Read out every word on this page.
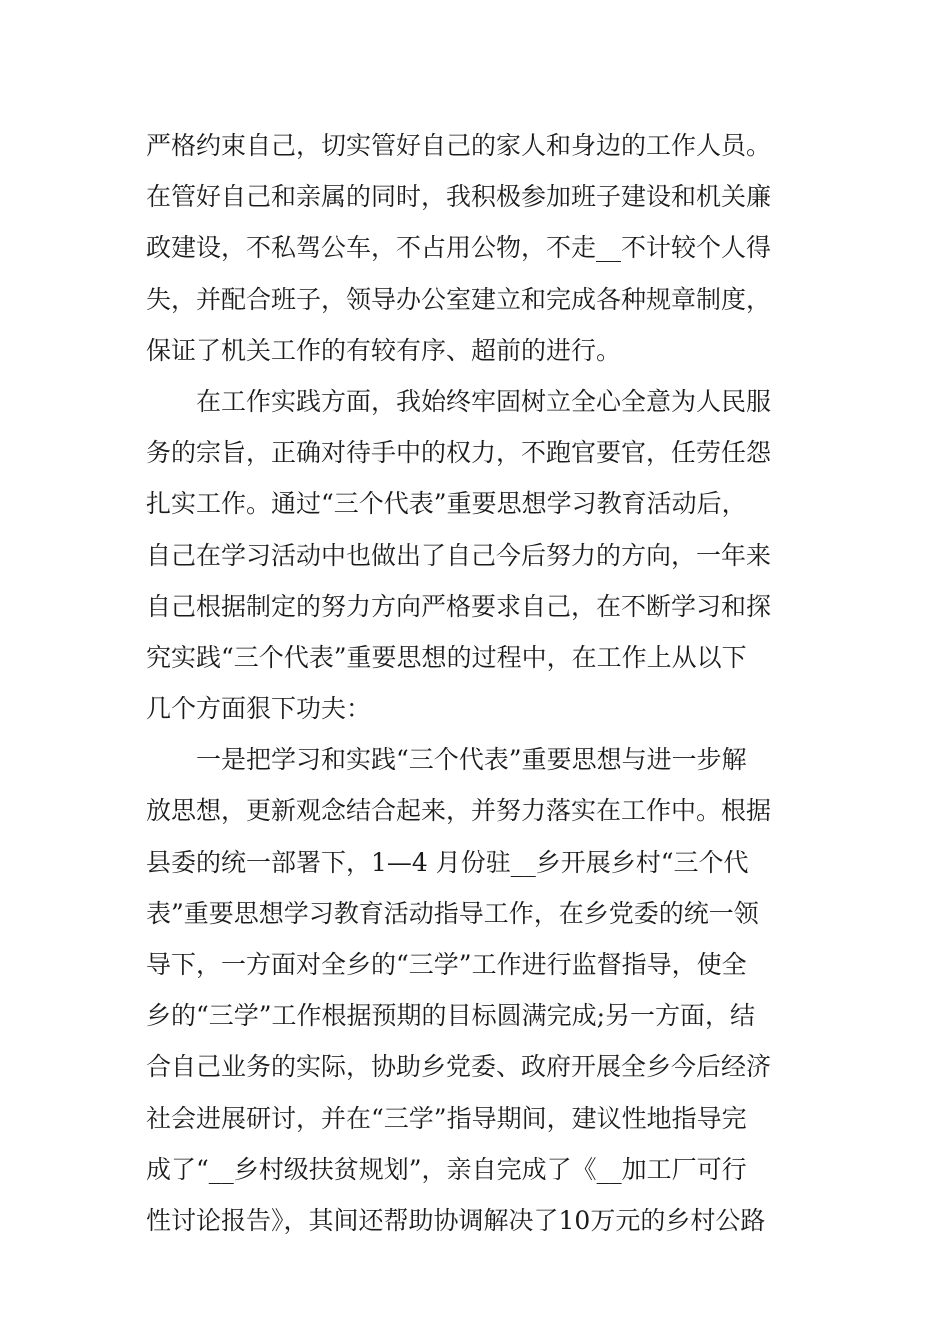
严格约束自己，切实管好自己的家人和身边的工作人员。
在管好自己和亲属的同时，我积极参加班子建设和机关廉
政建设，不私驾公车，不占用公物，不走__不计较个人得
失，并配合班子，领导办公室建立和完成各种规章制度，
保证了机关工作的有较有序、超前的进行。
　　在工作实践方面，我始终牢固树立全心全意为人民服
务的宗旨，正确对待手中的权力，不跑官要官，任劳任怨
扎实工作。通过“三个代表”重要思想学习教育活动后，
自己在学习活动中也做出了自己今后努力的方向，一年来
自己根据制定的努力方向严格要求自己，在不断学习和探
究实践“三个代表”重要思想的过程中，在工作上从以下
几个方面狠下功夫：
　　一是把学习和实践“三个代表”重要思想与进一步解
放思想，更新观念结合起来，并努力落实在工作中。根据
县委的统一部署下，1—4 月份驻__乡开展乡村“三个代
表”重要思想学习教育活动指导工作，在乡党委的统一领
导下，一方面对全乡的“三学”工作进行监督指导，使全
乡的“三学”工作根据预期的目标圆满完成;另一方面，结
合自己业务的实际，协助乡党委、政府开展全乡今后经济
社会进展研讨，并在“三学”指导期间，建议性地指导完
成了“__乡村级扶贫规划”，亲自完成了《__加工厂可行
性讨论报告》，其间还帮助协调解决了10万元的乡村公路
